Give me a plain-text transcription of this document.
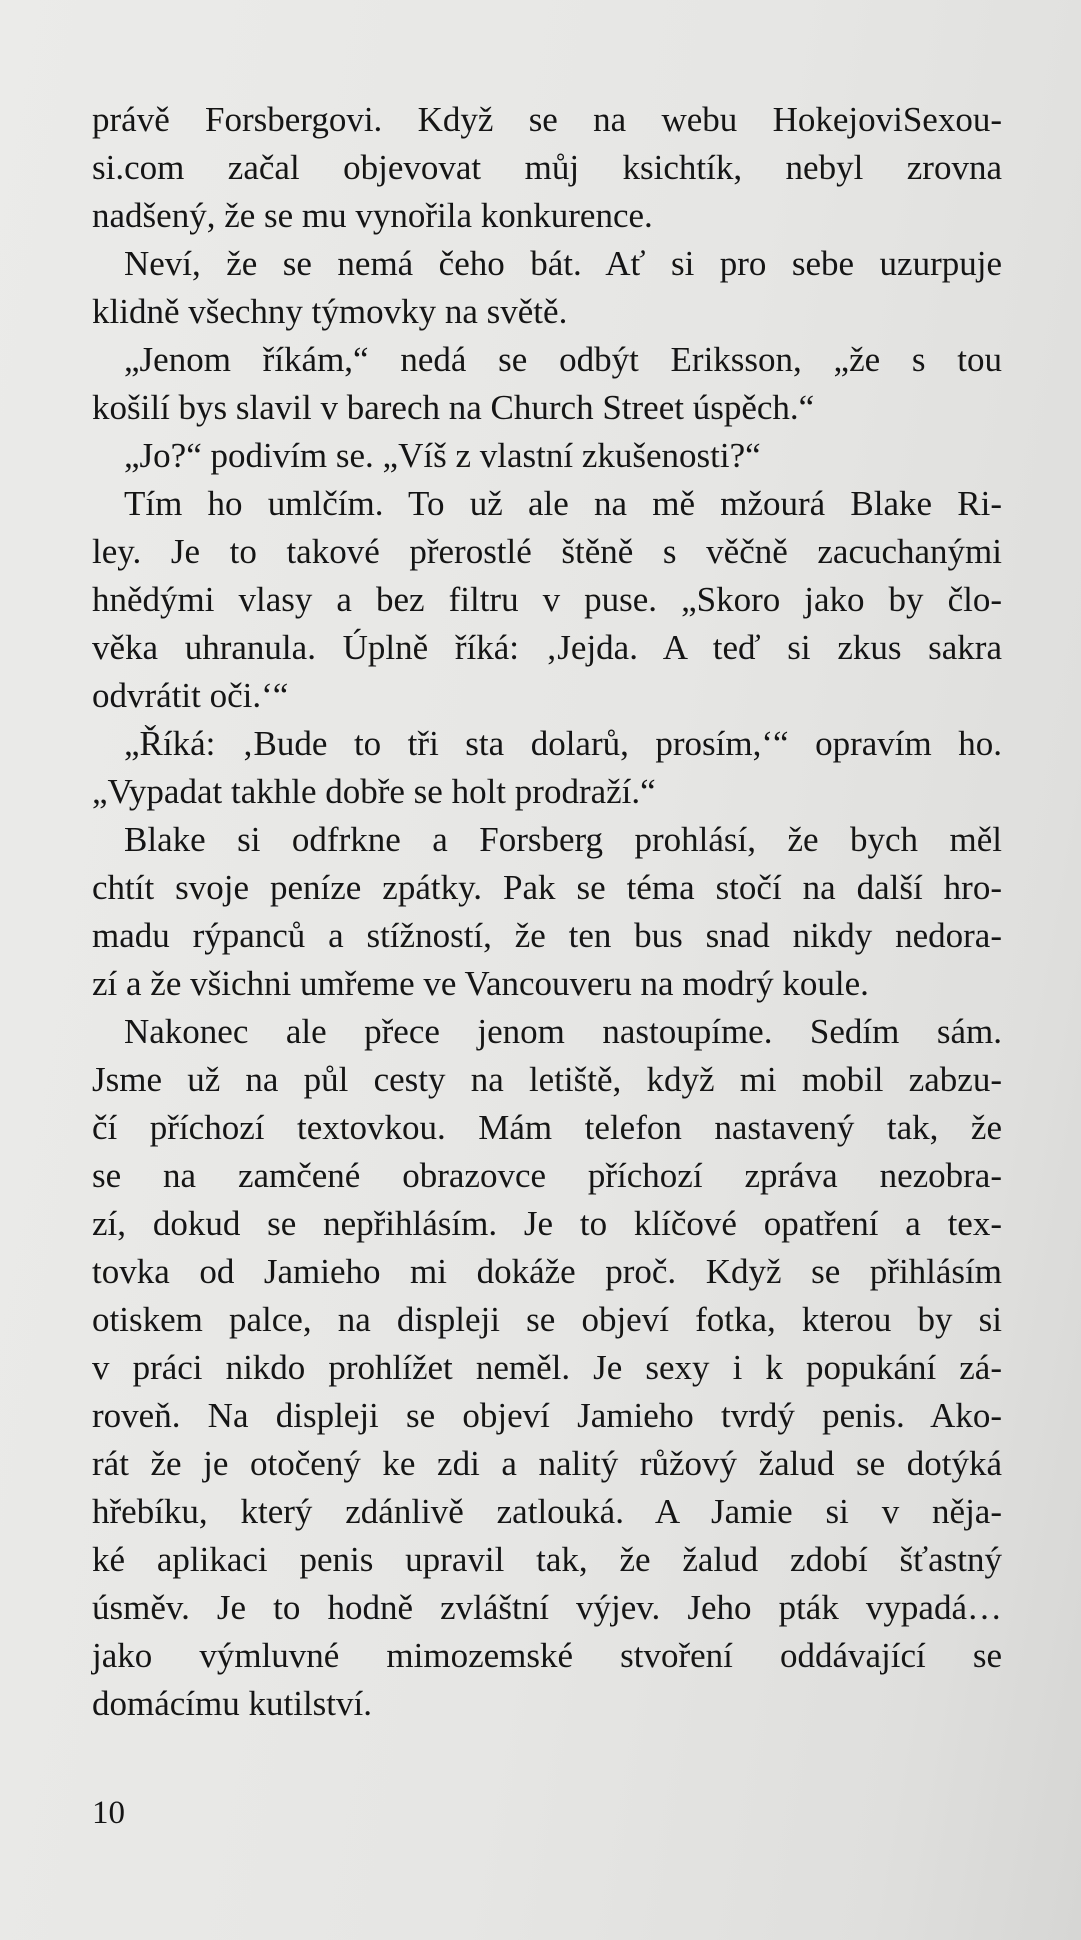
právě Forsbergovi. Když se na webu HokejoviSexou-
si.com začal objevovat můj ksichtík, nebyl zrovna
nadšený, že se mu vynořila konkurence.
Neví, že se nemá čeho bát. Ať si pro sebe uzurpuje
klidně všechny týmovky na světě.
„Jenom říkám,“ nedá se odbýt Eriksson, „že s tou
košilí bys slavil v barech na Church Street úspěch.“
„Jo?“ podivím se. „Víš z vlastní zkušenosti?“
Tím ho umlčím. To už ale na mě mžourá Blake Ri-
ley. Je to takové přerostlé štěně s věčně zacuchanými
hnědými vlasy a bez filtru v puse. „Skoro jako by člo-
věka uhranula. Úplně říká: ‚Jejda. A teď si zkus sakra
odvrátit oči.‘“
„Říká: ‚Bude to tři sta dolarů, prosím,‘“ opravím ho.
„Vypadat takhle dobře se holt prodraží.“
Blake si odfrkne a Forsberg prohlásí, že bych měl
chtít svoje peníze zpátky. Pak se téma stočí na další hro-
madu rýpanců a stížností, že ten bus snad nikdy nedora-
zí a že všichni umřeme ve Vancouveru na modrý koule.
Nakonec ale přece jenom nastoupíme. Sedím sám.
Jsme už na půl cesty na letiště, když mi mobil zabzu-
čí příchozí textovkou. Mám telefon nastavený tak, že
se na zamčené obrazovce příchozí zpráva nezobra-
zí, dokud se nepřihlásím. Je to klíčové opatření a tex-
tovka od Jamieho mi dokáže proč. Když se přihlásím
otiskem palce, na displeji se objeví fotka, kterou by si
v práci nikdo prohlížet neměl. Je sexy i k popukání zá-
roveň. Na displeji se objeví Jamieho tvrdý penis. Ako-
rát že je otočený ke zdi a nalitý růžový žalud se dotýká
hřebíku, který zdánlivě zatlouká. A Jamie si v něja-
ké aplikaci penis upravil tak, že žalud zdobí šťastný
úsměv. Je to hodně zvláštní výjev. Jeho pták vypadá…
jako výmluvné mimozemské stvoření oddávající se
domácímu kutilství.
10
